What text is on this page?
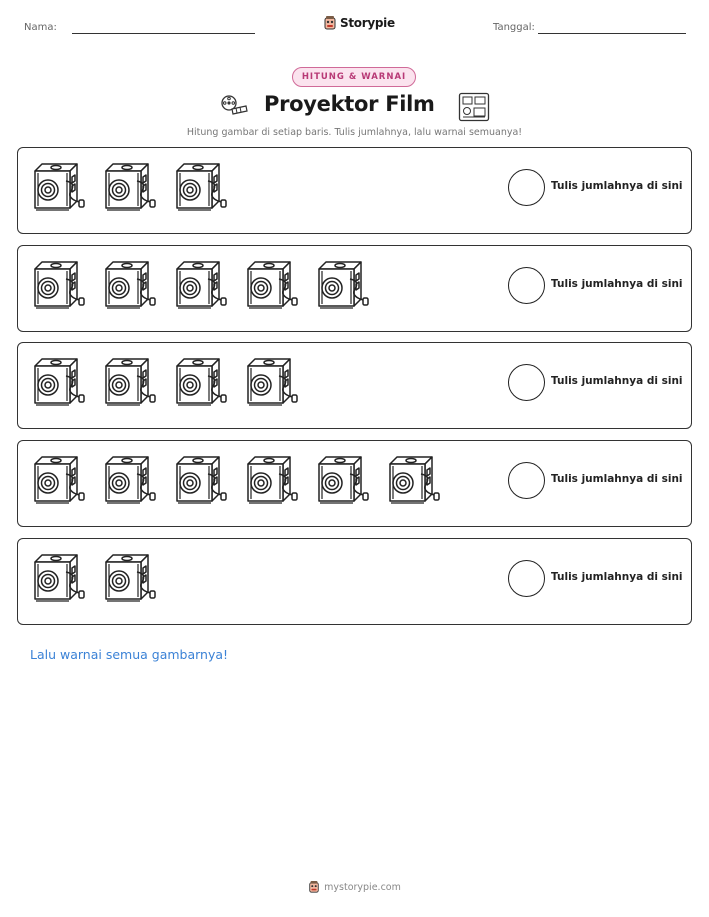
Nama:	Storypie	Tanggal:
HITUNG & WARNAI
Proyektor Film
Hitung gambar di setiap baris. Tulis jumlahnya, lalu warnai semuanya!
Tulis jumlahnya di sini
Tulis jumlahnya di sini
Tulis jumlahnya di sini
Tulis jumlahnya di sini
Tulis jumlahnya di sini
Lalu warnai semua gambarnya!
mystorypie.com
